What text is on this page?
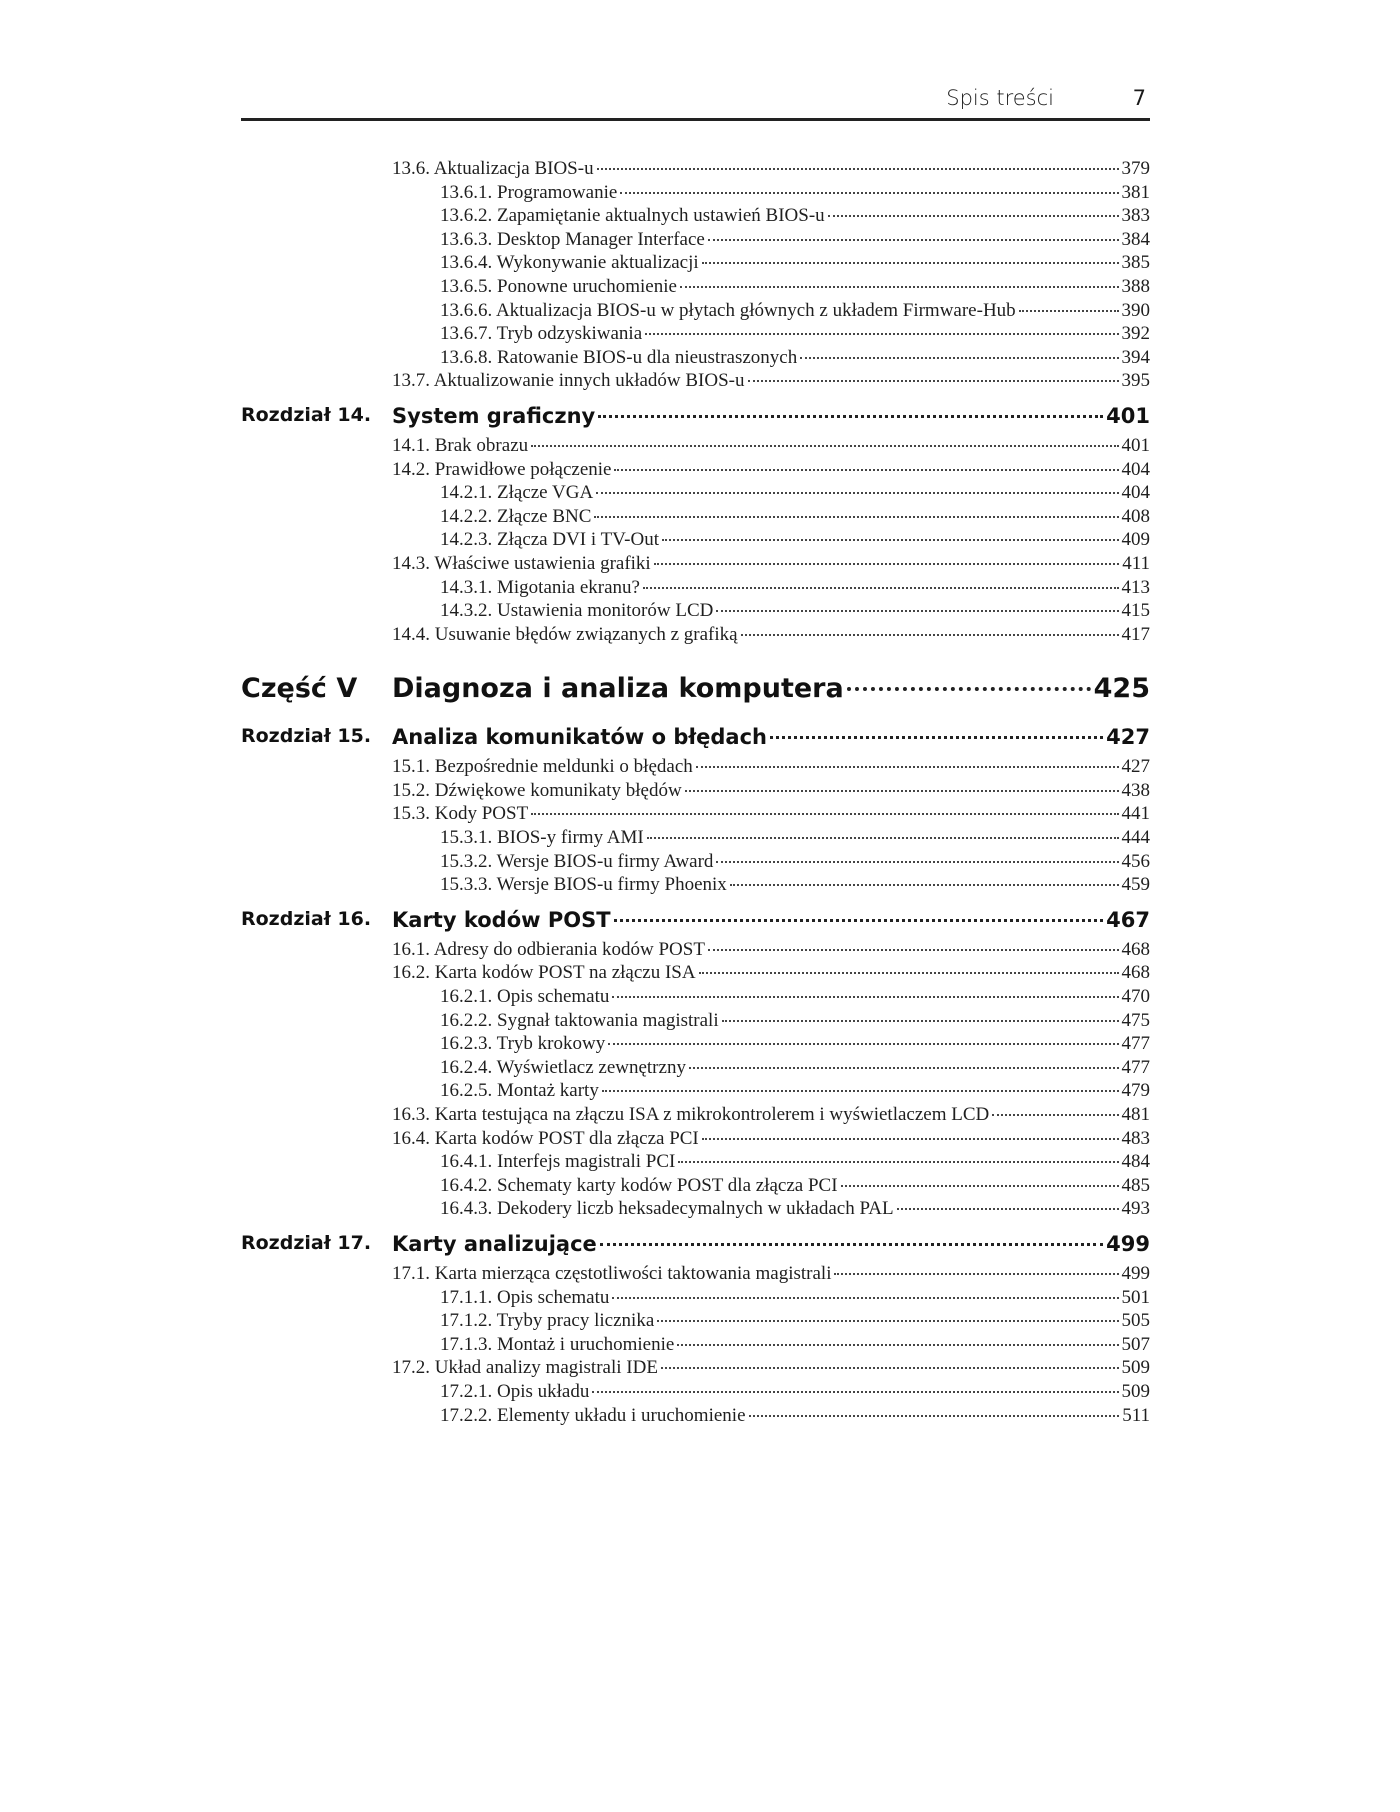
Spis treści	7
13.6. Aktualizacja BIOS-u	379
13.6.1. Programowanie	381
13.6.2. Zapamiętanie aktualnych ustawień BIOS-u	383
13.6.3. Desktop Manager Interface	384
13.6.4. Wykonywanie aktualizacji	385
13.6.5. Ponowne uruchomienie	388
13.6.6. Aktualizacja BIOS-u w płytach głównych z układem Firmware-Hub	390
13.6.7. Tryb odzyskiwania	392
13.6.8. Ratowanie BIOS-u dla nieustraszonych	394
13.7. Aktualizowanie innych układów BIOS-u	395
Rozdział 14. System graficzny	401
14.1. Brak obrazu	401
14.2. Prawidłowe połączenie	404
14.2.1. Złącze VGA	404
14.2.2. Złącze BNC	408
14.2.3. Złącza DVI i TV-Out	409
14.3. Właściwe ustawienia grafiki	411
14.3.1. Migotania ekranu?	413
14.3.2. Ustawienia monitorów LCD	415
14.4. Usuwanie błędów związanych z grafiką	417
Część V Diagnoza i analiza komputera	425
Rozdział 15. Analiza komunikatów o błędach	427
15.1. Bezpośrednie meldunki o błędach	427
15.2. Dźwiękowe komunikaty błędów	438
15.3. Kody POST	441
15.3.1. BIOS-y firmy AMI	444
15.3.2. Wersje BIOS-u firmy Award	456
15.3.3. Wersje BIOS-u firmy Phoenix	459
Rozdział 16. Karty kodów POST	467
16.1. Adresy do odbierania kodów POST	468
16.2. Karta kodów POST na złączu ISA	468
16.2.1. Opis schematu	470
16.2.2. Sygnał taktowania magistrali	475
16.2.3. Tryb krokowy	477
16.2.4. Wyświetlacz zewnętrzny	477
16.2.5. Montaż karty	479
16.3. Karta testująca na złączu ISA z mikrokontrolerem i wyświetlaczem LCD	481
16.4. Karta kodów POST dla złącza PCI	483
16.4.1. Interfejs magistrali PCI	484
16.4.2. Schematy karty kodów POST dla złącza PCI	485
16.4.3. Dekodery liczb heksadecymalnych w układach PAL	493
Rozdział 17. Karty analizujące	499
17.1. Karta mierząca częstotliwości taktowania magistrali	499
17.1.1. Opis schematu	501
17.1.2. Tryby pracy licznika	505
17.1.3. Montaż i uruchomienie	507
17.2. Układ analizy magistrali IDE	509
17.2.1. Opis układu	509
17.2.2. Elementy układu i uruchomienie	511
